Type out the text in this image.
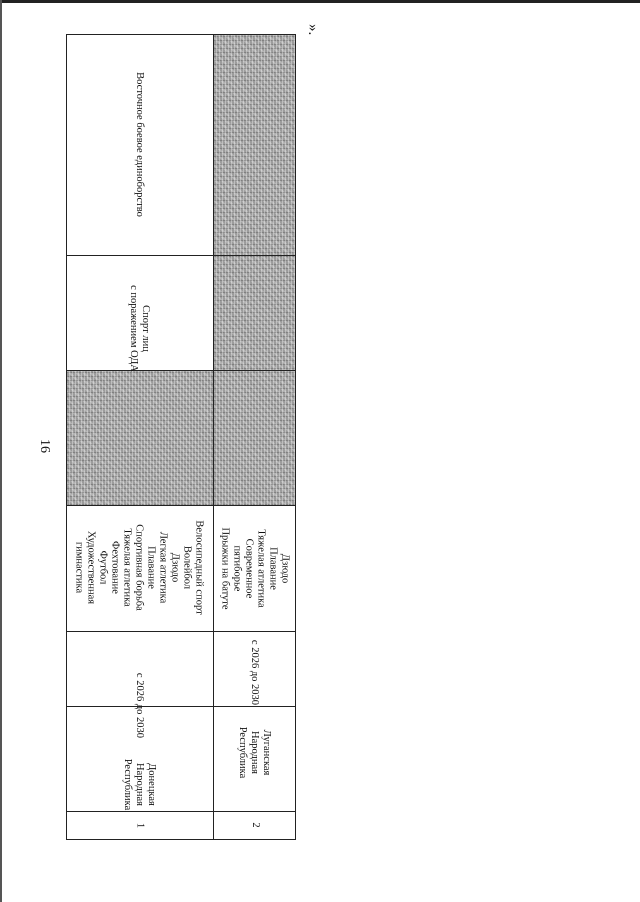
16
».
1
Донецкая
Народная
Республика
с 2026 до 2030
Велосипедный спорт
Волейбол
Дзюдо
Легкая атлетика
Плавание
Спортивная борьба
Тяжелая атлетика
Фехтование
Футбол
Художественная
гимнастика
Спорт лиц
с поражением ОДА
Восточное боевое единоборство
2
Луганская
Народная
Республика
с 2026 до 2030
Дзюдо
Плавание
Тяжелая атлетика
Современное
пятиборье
Прыжки на батуте
